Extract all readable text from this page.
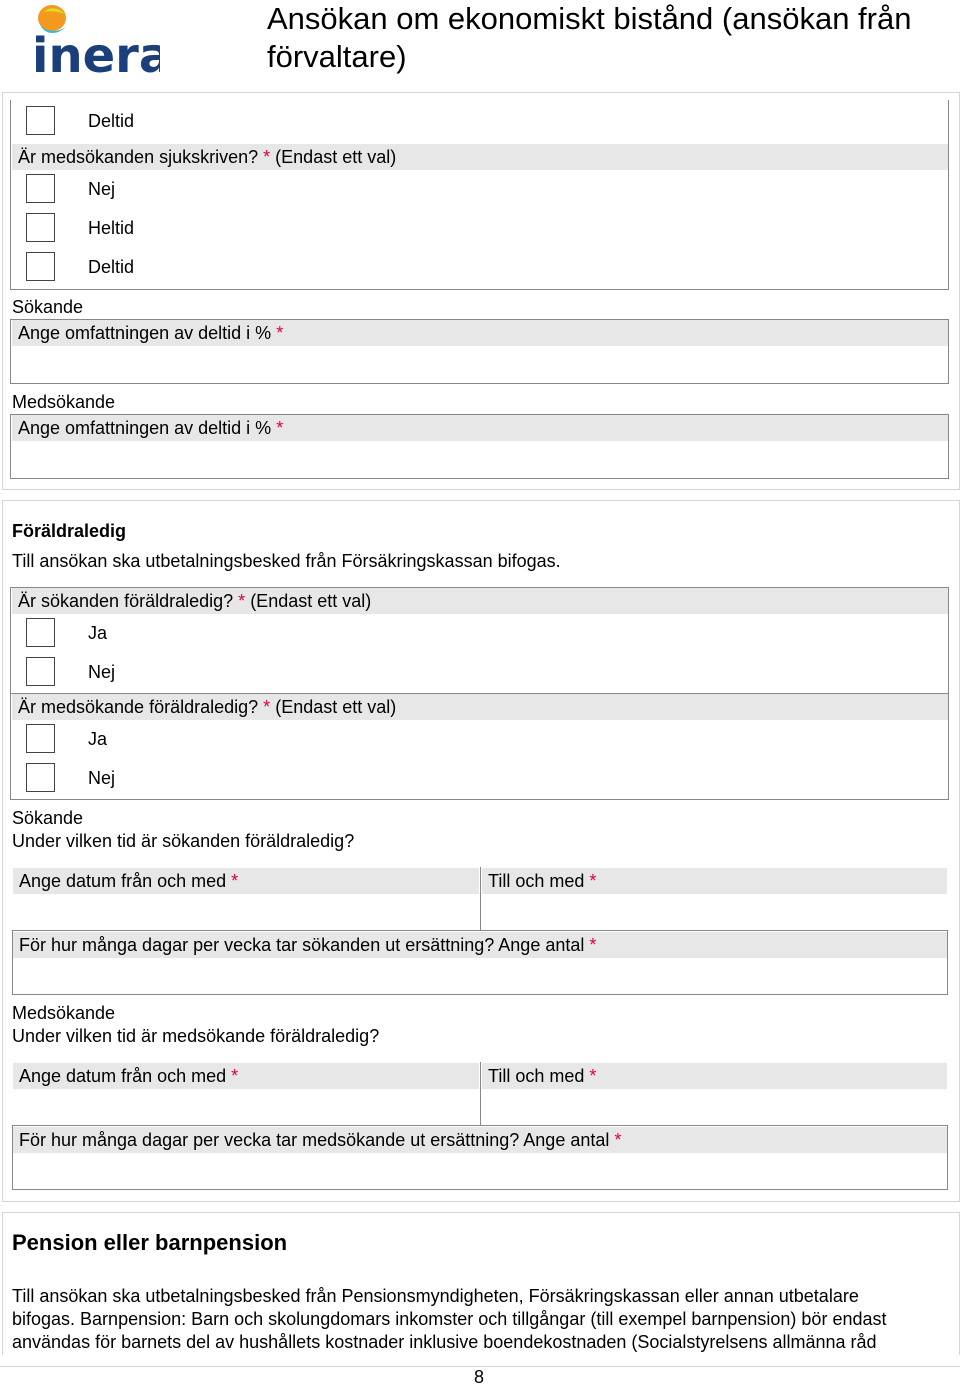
inera
Ansökan om ekonomiskt bistånd (ansökan från förvaltare)
Deltid
Är medsökanden sjukskriven? * (Endast ett val)
Nej
Heltid
Deltid
Sökande
Ange omfattningen av deltid i % *
Medsökande
Ange omfattningen av deltid i % *
Föräldraledig
Till ansökan ska utbetalningsbesked från Försäkringskassan bifogas.
Är sökanden föräldraledig? * (Endast ett val)
Ja
Nej
Är medsökande föräldraledig? * (Endast ett val)
Ja
Nej
Sökande
Under vilken tid är sökanden föräldraledig?
Ange datum från och med *	Till och med *
För hur många dagar per vecka tar sökanden ut ersättning? Ange antal *
Medsökande
Under vilken tid är medsökande föräldraledig?
Ange datum från och med *	Till och med *
För hur många dagar per vecka tar medsökande ut ersättning? Ange antal *
Pension eller barnpension
Till ansökan ska utbetalningsbesked från Pensionsmyndigheten, Försäkringskassan eller annan utbetalare
bifogas. Barnpension: Barn och skolungdomars inkomster och tillgångar (till exempel barnpension) bör endast
användas för barnets del av hushållets kostnader inklusive boendekostnaden (Socialstyrelsens allmänna råd
8
